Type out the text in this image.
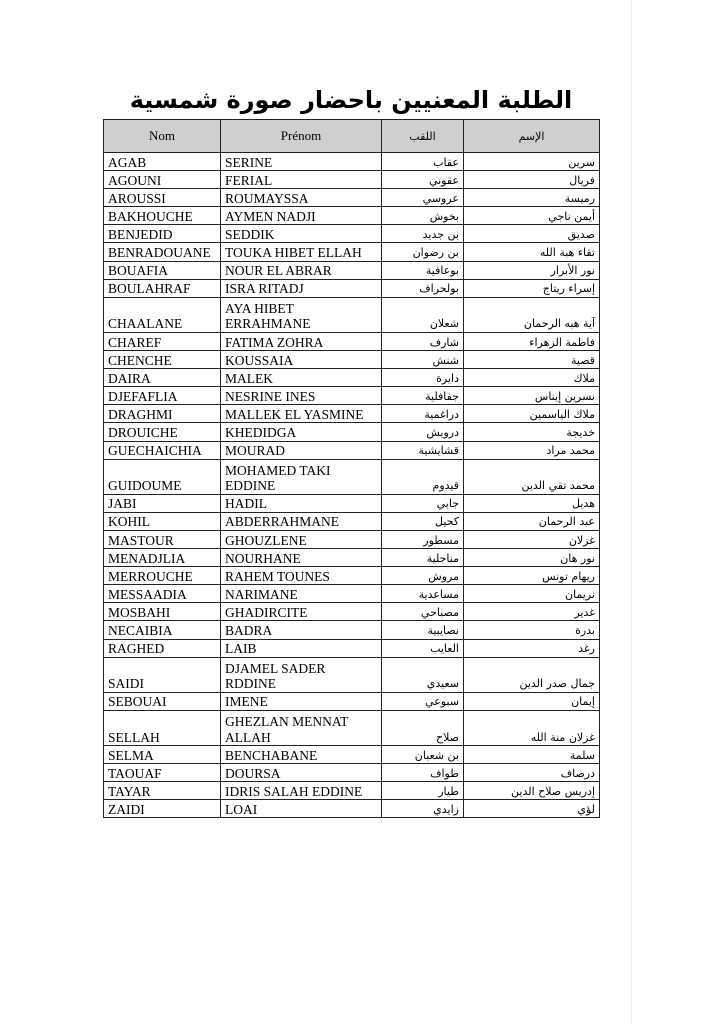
الطلبة المعنيين باحضار صورة شمسية
Nom	Prénom	اللقب	الإسم
AGAB	SERINE	عقاب	سرين
AGOUNI	FERIAL	عقوني	فريال
AROUSSI	ROUMAYSSA	عروسي	رميسة
BAKHOUCHE	AYMEN NADJI	بخوش	أيمن ناجي
BENJEDID	SEDDIK	بن جديد	صديق
BENRADOUANE	TOUKA HIBET ELLAH	بن رضوان	تقاء هبة الله
BOUAFIA	NOUR EL ABRAR	بوعافية	نور الأبرار
BOULAHRAF	ISRA RITADJ	بولحراف	إسراء ريتاج
CHAALANE	AYA HIBET ERRAHMANE	شعلان	آية هبه الرحمان
CHAREF	FATIMA ZOHRA	شارف	فاطمة الزهراء
CHENCHE	KOUSSAIA	شنش	قصية
DAIRA	MALEK	دايرة	ملاك
DJEFAFLIA	NESRINE INES	جفافلية	نسرين إيناس
DRAGHMI	MALLEK EL YASMINE	دراغمية	ملاك الياسمين
DROUICHE	KHEDIDGA	درويش	خديجة
GUECHAICHIA	MOURAD	قشايشية	محمد مراد
GUIDOUME	MOHAMED TAKI EDDINE	قيدوم	محمد تقي الدين
JABI	HADIL	جابي	هديل
KOHIL	ABDERRAHMANE	كحيل	عبد الرحمان
MASTOUR	GHOUZLENE	مسطور	غزلان
MENADJLIA	NOURHANE	مناجلية	نور هان
MERROUCHE	RAHEM TOUNES	مروش	ريهام تونس
MESSAADIA	NARIMANE	مساعدية	نريمان
MOSBAHI	GHADIRCITE	مصباحي	غدير
NECAIBIA	BADRA	نصايبية	بدرة
RAGHED	LAIB	العايب	رغد
SAIDI	DJAMEL SADER RDDINE	سعيدي	جمال صدر الدين
SEBOUAI	IMENE	سبوعي	إيمان
SELLAH	GHEZLAN MENNAT ALLAH	صلاح	غزلان منة الله
SELMA	BENCHABANE	بن شعبان	سلمة
TAOUAF	DOURSA	طواف	درصاف
TAYAR	IDRIS SALAH EDDINE	طيار	إدريس صلاح الدين
ZAIDI	LOAI	زايدي	لؤي
